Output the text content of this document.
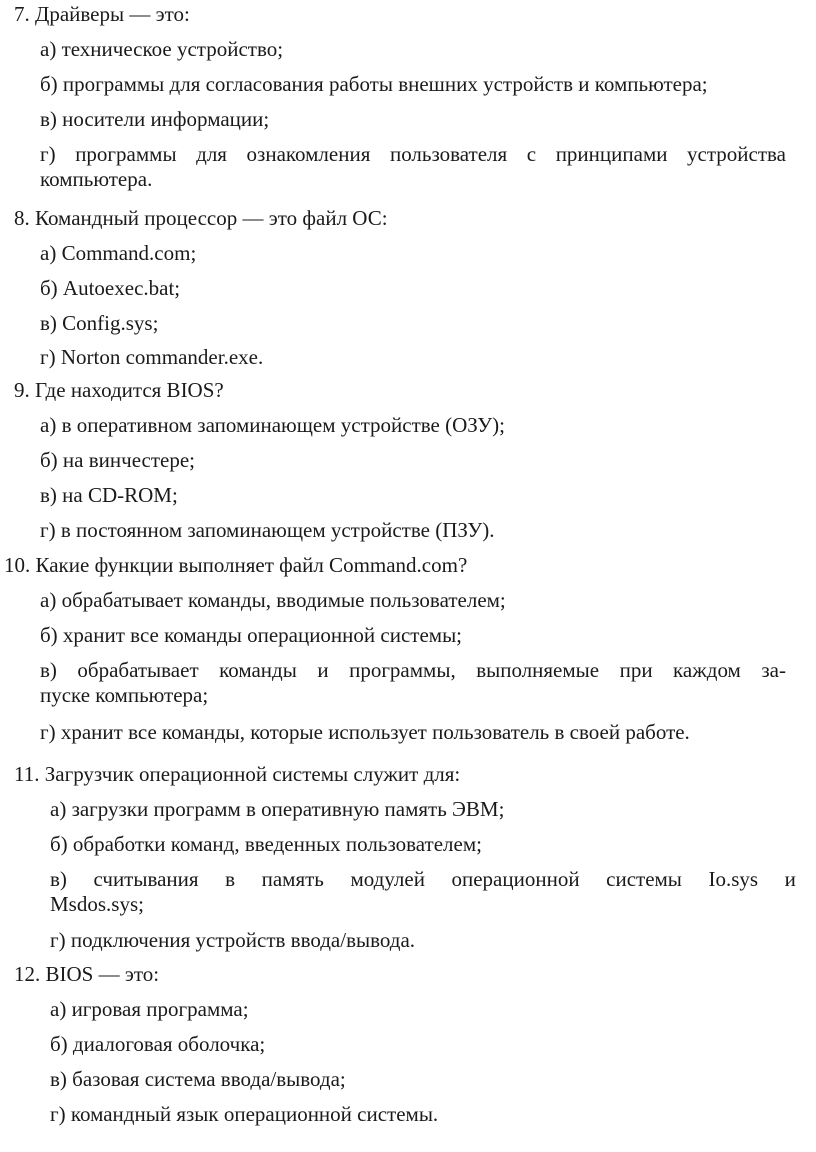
7. Драйверы — это:
а) техническое устройство;
б) программы для согласования работы внешних устройств и компьютера;
в) носители информации;
г) программы для ознакомления пользователя с принципами устройства
компьютера.
8. Командный процессор — это файл ОС:
а) Command.com;
б) Autoexec.bat;
в) Config.sys;
г) Norton commander.exe.
9. Где находится BIOS?
а) в оперативном запоминающем устройстве (ОЗУ);
б) на винчестере;
в) на CD-ROM;
г) в постоянном запоминающем устройстве (ПЗУ).
10. Какие функции выполняет файл Command.com?
а) обрабатывает команды, вводимые пользователем;
б) хранит все команды операционной системы;
в) обрабатывает команды и программы, выполняемые при каждом за-
пуске компьютера;
г) хранит все команды, которые использует пользователь в своей работе.
11. Загрузчик операционной системы служит для:
а) загрузки программ в оперативную память ЭВМ;
б) обработки команд, введенных пользователем;
в) считывания в память модулей операционной системы Io.sys и
Msdos.sys;
г) подключения устройств ввода/вывода.
12. BIOS — это:
а) игровая программа;
б) диалоговая оболочка;
в) базовая система ввода/вывода;
г) командный язык операционной системы.
